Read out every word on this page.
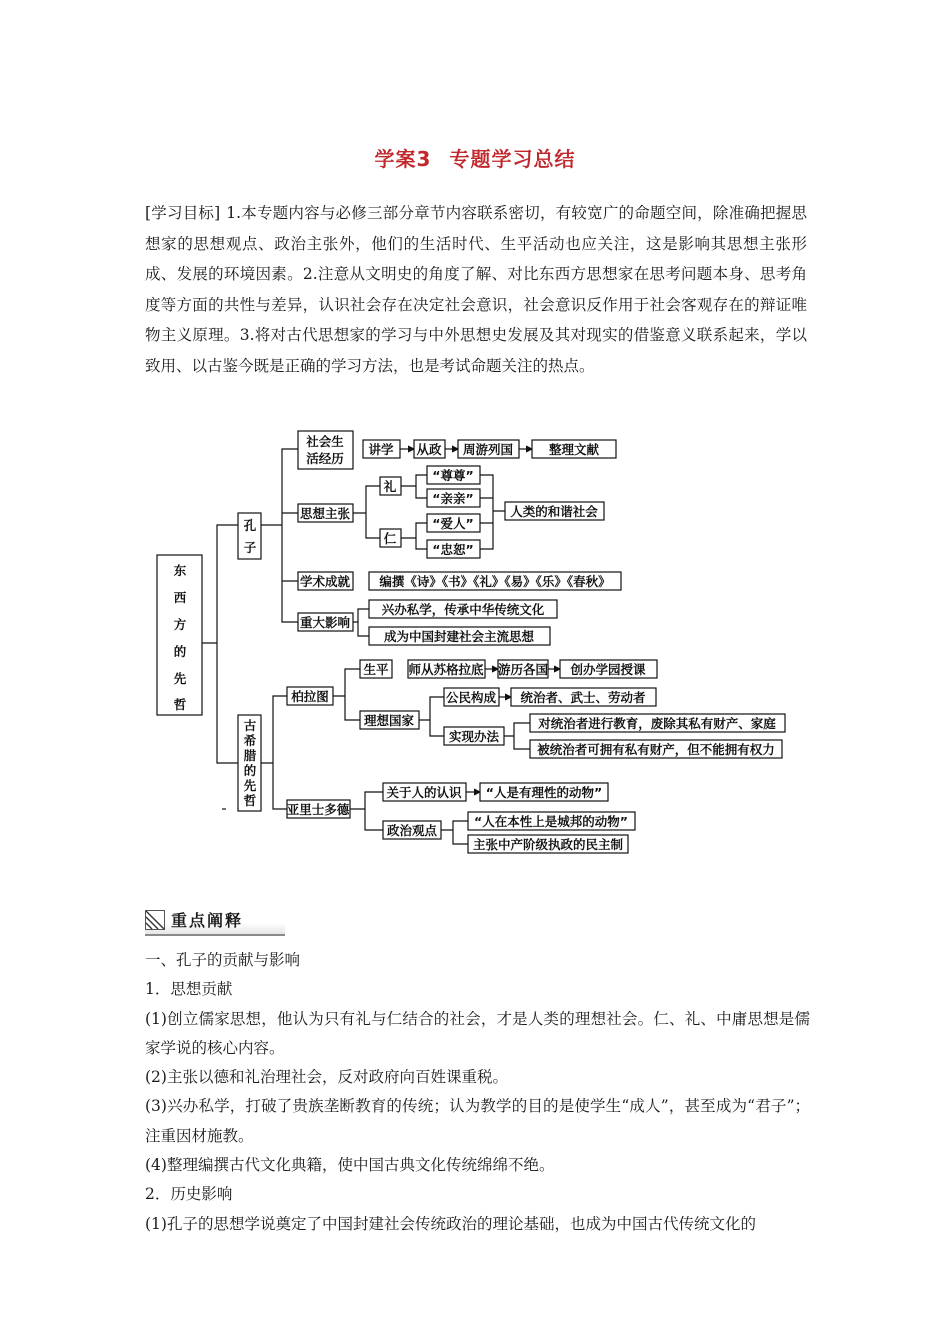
学案3 专题学习总结
[学习目标] 1.本专题内容与必修三部分章节内容联系密切，有较宽广的命题空间，除准确把握思想家的思想观点、政治主张外，他们的生活时代、生平活动也应关注，这是影响其思想主张形成、发展的环境因素。2.注意从文明史的角度了解、对比东西方思想家在思考问题本身、思考角度等方面的共性与差异，认识社会存在决定社会意识，社会意识反作用于社会客观存在的辩证唯物主义原理。3.将对古代思想家的学习与中外思想史发展及其对现实的借鉴意义联系起来，学以致用、以古鉴今既是正确的学习方法，也是考试命题关注的热点。
东
西
方
的
先
哲
孔
子
社会生
活经历
讲学 从政 周游列国	整理文献
思想主张
礼
仁
“尊尊”
“亲亲”
“爱人”
“忠恕”
人类的和谐社会
学术成就 编撰《诗》《书》《礼》《易》《乐》《春秋》
重大影响
兴办私学，传承中华传统文化
成为中国封建社会主流思想
古
希
腊
的
先
哲
柏拉图
生平 师从苏格拉底 游历各国 创办学园授课
理想国家
公民构成 统治者、武士、劳动者
实现办法
对统治者进行教育，废除其私有财产、家庭
被统治者可拥有私有财产，但不能拥有权力
亚里士多德
关于人的认识 “人是有理性的动物”
政治观点
“人在本性上是城邦的动物”
主张中产阶级执政的民主制
重点阐释

一、孔子的贡献与影响

1．思想贡献

(1)创立儒家思想，他认为只有礼与仁结合的社会，才是人类的理想社会。仁、礼、中庸思想是儒家学说的核心内容。

(2)主张以德和礼治理社会，反对政府向百姓课重税。

(3)兴办私学，打破了贵族垄断教育的传统；认为教学的目的是使学生“成人”，甚至成为“君子”；注重因材施教。

(4)整理编撰古代文化典籍，使中国古典文化传统绵绵不绝。

2．历史影响

(1)孔子的思想学说奠定了中国封建社会传统政治的理论基础，也成为中国古代传统文化的
